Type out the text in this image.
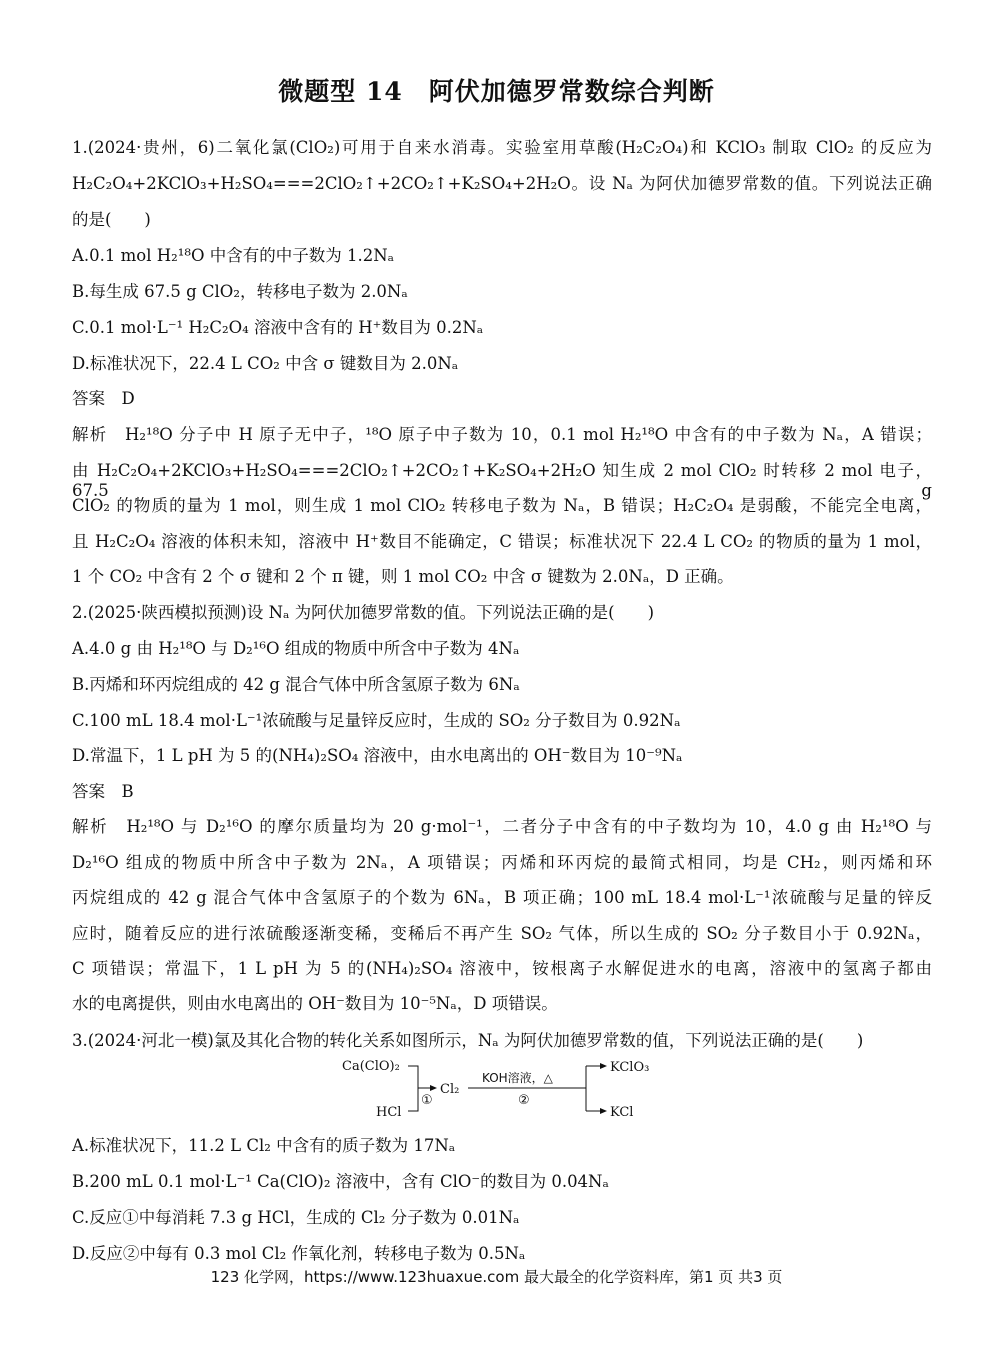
微题型 14　阿伏加德罗常数综合判断
1.(2024·贵州，6)二氧化氯(ClO₂)可用于自来水消毒。实验室用草酸(H₂C₂O₄)和 KClO₃ 制取 ClO₂ 的反应为
H₂C₂O₄+2KClO₃+H₂SO₄===2ClO₂↑+2CO₂↑+K₂SO₄+2H₂O。设 Nₐ 为阿伏加德罗常数的值。下列说法正确
的是(　　)
A.0.1 mol H₂¹⁸O 中含有的中子数为 1.2Nₐ
B.每生成 67.5 g ClO₂，转移电子数为 2.0Nₐ
C.0.1 mol·L⁻¹ H₂C₂O₄ 溶液中含有的 H⁺数目为 0.2Nₐ
D.标准状况下，22.4 L CO₂ 中含 σ 键数目为 2.0Nₐ
答案　D
解析　H₂¹⁸O 分子中 H 原子无中子，¹⁸O 原子中子数为 10，0.1 mol H₂¹⁸O 中含有的中子数为 Nₐ，A 错误；
由 H₂C₂O₄+2KClO₃+H₂SO₄===2ClO₂↑+2CO₂↑+K₂SO₄+2H₂O 知生成 2 mol ClO₂ 时转移 2 mol 电子，67.5 g
ClO₂ 的物质的量为 1 mol，则生成 1 mol ClO₂ 转移电子数为 Nₐ，B 错误；H₂C₂O₄ 是弱酸，不能完全电离，
且 H₂C₂O₄ 溶液的体积未知，溶液中 H⁺数目不能确定，C 错误；标准状况下 22.4 L CO₂ 的物质的量为 1 mol，
1 个 CO₂ 中含有 2 个 σ 键和 2 个 π 键，则 1 mol CO₂ 中含 σ 键数为 2.0Nₐ，D 正确。
2.(2025·陕西模拟预测)设 Nₐ 为阿伏加德罗常数的值。下列说法正确的是(　　)
A.4.0 g 由 H₂¹⁸O 与 D₂¹⁶O 组成的物质中所含中子数为 4Nₐ
B.丙烯和环丙烷组成的 42 g 混合气体中所含氢原子数为 6Nₐ
C.100 mL 18.4 mol·L⁻¹浓硫酸与足量锌反应时，生成的 SO₂ 分子数目为 0.92Nₐ
D.常温下，1 L pH 为 5 的(NH₄)₂SO₄ 溶液中，由水电离出的 OH⁻数目为 10⁻⁹Nₐ
答案　B
解析　H₂¹⁸O 与 D₂¹⁶O 的摩尔质量均为 20 g·mol⁻¹，二者分子中含有的中子数均为 10，4.0 g 由 H₂¹⁸O 与
D₂¹⁶O 组成的物质中所含中子数为 2Nₐ，A 项错误；丙烯和环丙烷的最简式相同，均是 CH₂，则丙烯和环
丙烷组成的 42 g 混合气体中含氢原子的个数为 6Nₐ，B 项正确；100 mL 18.4 mol·L⁻¹浓硫酸与足量的锌反
应时，随着反应的进行浓硫酸逐渐变稀，变稀后不再产生 SO₂ 气体，所以生成的 SO₂ 分子数目小于 0.92Nₐ，
C 项错误；常温下，1 L pH 为 5 的(NH₄)₂SO₄ 溶液中，铵根离子水解促进水的电离，溶液中的氢离子都由
水的电离提供，则由水电离出的 OH⁻数目为 10⁻⁵Nₐ，D 项错误。
3.(2024·河北一模)氯及其化合物的转化关系如图所示，Nₐ 为阿伏加德罗常数的值，下列说法正确的是(　　)
Ca(ClO)₂
HCl
①
Cl₂
KOH溶液，△
②
KClO₃
KCl
A.标准状况下，11.2 L Cl₂ 中含有的质子数为 17Nₐ
B.200 mL 0.1 mol·L⁻¹ Ca(ClO)₂ 溶液中，含有 ClO⁻的数目为 0.04Nₐ
C.反应①中每消耗 7.3 g HCl，生成的 Cl₂ 分子数为 0.01Nₐ
D.反应②中每有 0.3 mol Cl₂ 作氧化剂，转移电子数为 0.5Nₐ
123 化学网，https://www.123huaxue.com 最大最全的化学资料库，第1 页 共3 页
